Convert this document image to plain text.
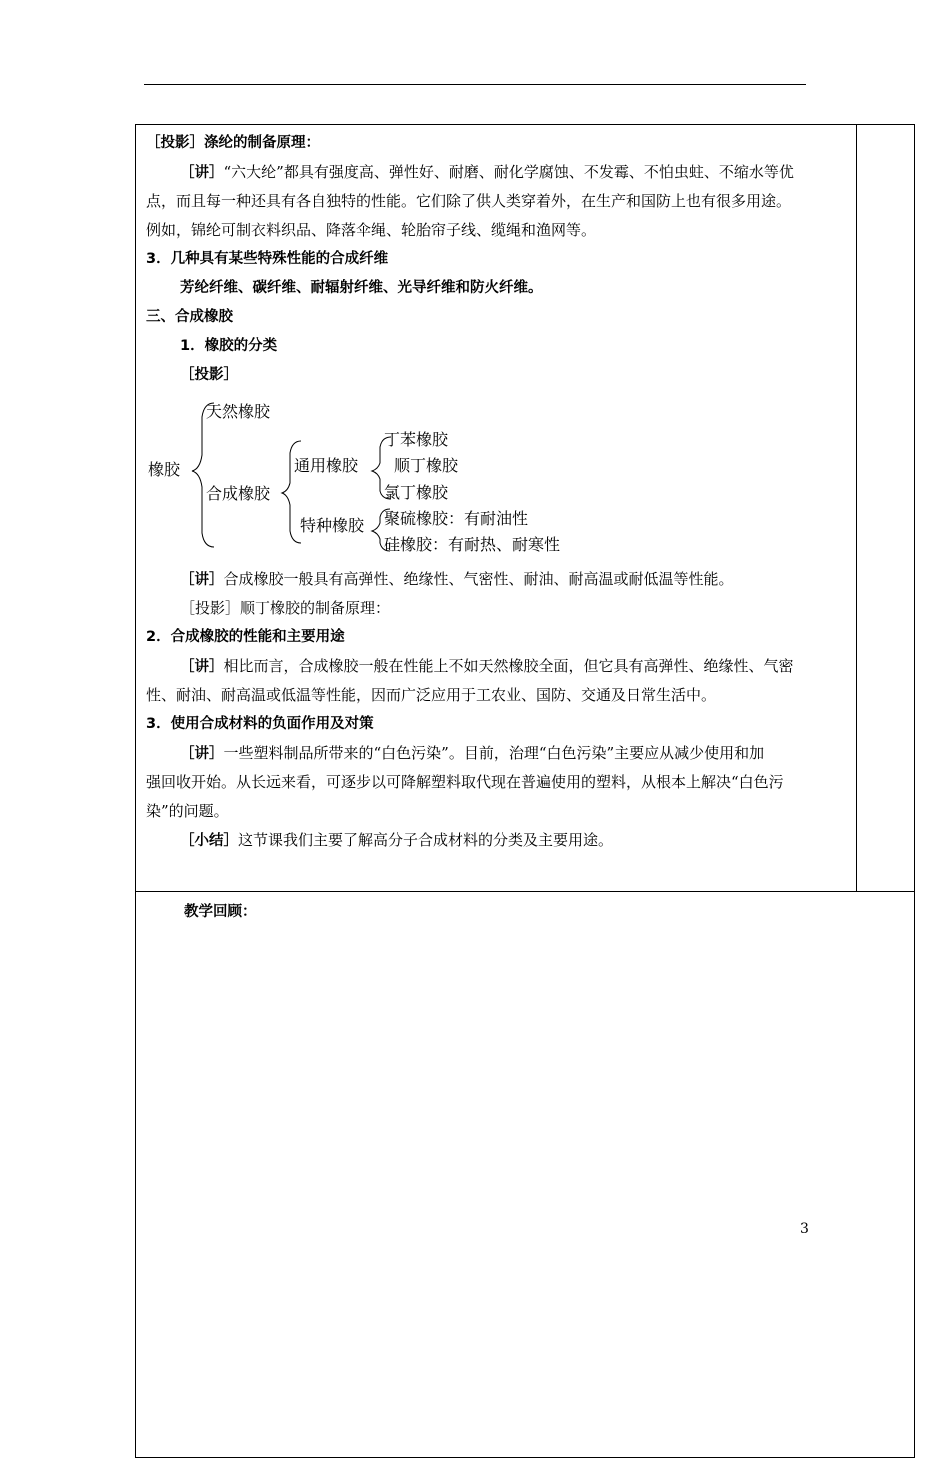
［投影］涤纶的制备原理：
［讲］“六大纶”都具有强度高、弹性好、耐磨、耐化学腐蚀、不发霉、不怕虫蛀、不缩水等优
点，而且每一种还具有各自独特的性能。它们除了供人类穿着外，在生产和国防上也有很多用途。
例如，锦纶可制衣料织品、降落伞绳、轮胎帘子线、缆绳和渔网等。
3．几种具有某些特殊性能的合成纤维
芳纶纤维、碳纤维、耐辐射纤维、光导纤维和防火纤维。
三、合成橡胶
1．橡胶的分类
［投影］
橡胶
天然橡胶
合成橡胶
通用橡胶
特种橡胶
丁苯橡胶
顺丁橡胶
氯丁橡胶
聚硫橡胶：有耐油性
硅橡胶：有耐热、耐寒性
［讲］合成橡胶一般具有高弹性、绝缘性、气密性、耐油、耐高温或耐低温等性能。
［投影］顺丁橡胶的制备原理：
2．合成橡胶的性能和主要用途
［讲］相比而言，合成橡胶一般在性能上不如天然橡胶全面，但它具有高弹性、绝缘性、气密
性、耐油、耐高温或低温等性能，因而广泛应用于工农业、国防、交通及日常生活中。
3．使用合成材料的负面作用及对策
［讲］一些塑料制品所带来的“白色污染”。目前，治理“白色污染”主要应从减少使用和加
强回收开始。从长远来看，可逐步以可降解塑料取代现在普遍使用的塑料，从根本上解决“白色污
染”的问题。
［小结］这节课我们主要了解高分子合成材料的分类及主要用途。

教学回顾：
3
